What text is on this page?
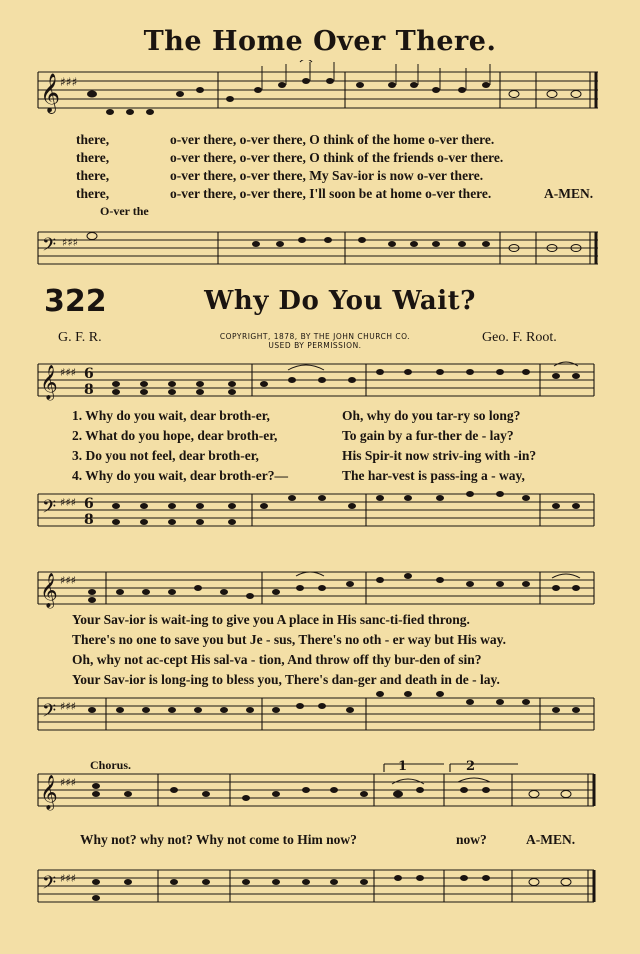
The Home Over There.
𝄞 ♯♯♯
there,	o-ver there, o-ver there, O think of the home o-ver there.
there,	o-ver there, o-ver there, O think of the friends o-ver there.
there,	o-ver there, o-ver there, My Sav-ior is now o-ver there.
there,	o-ver there, o-ver there, I'll soon be at home o-ver there.	A-MEN.
O-ver the
𝄢 ♯♯♯
322	Why Do You Wait?
G. F. R.	Geo. F. Root.
COPYRIGHT, 1878, BY THE JOHN CHURCH CO.
USED BY PERMISSION.
𝄞 ♯♯♯ 6
8
1. Why do you wait, dear broth-er,	Oh, why do you tar-ry so long?
2. What do you hope, dear broth-er,	To gain by a fur-ther de - lay?
3. Do you not feel, dear broth-er,	His Spir-it now striv-ing with -in?
4. Why do you wait, dear broth-er?—	The har-vest is pass-ing a - way,
𝄢 ♯♯♯ 6
8
𝄞 ♯♯♯
Your Sav-ior is wait-ing to give you A place in His sanc-ti-fied throng.
There's no one to save you but Je - sus, There's no oth - er way but His way.
Oh, why not ac-cept His sal-va - tion, And throw off thy bur-den of sin?
Your Sav-ior is long-ing to bless you, There's dan-ger and death in de - lay.
𝄢 ♯♯♯
Chorus.	1	2
𝄞 ♯♯♯
Why not? why not? Why not come to Him now?	now?	A-MEN.
𝄢 ♯♯♯
